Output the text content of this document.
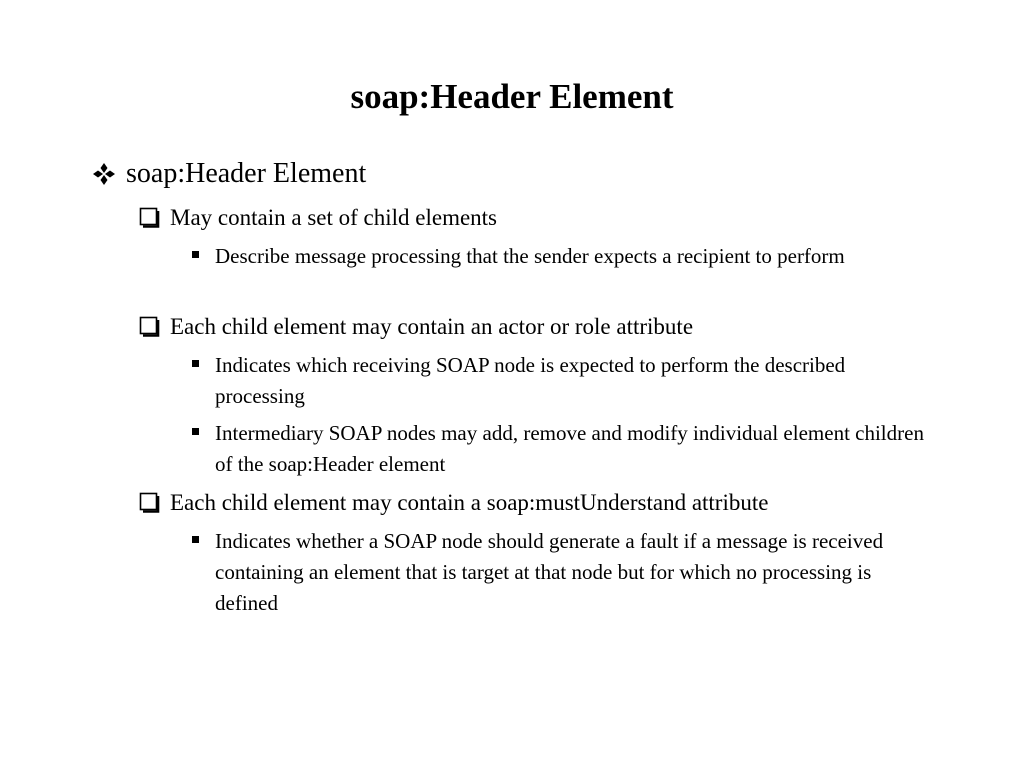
soap:Header Element
soap:Header Element
May contain a set of child elements
Describe message processing that the sender expects a recipient to perform
Each child element may contain an actor or role attribute
Indicates which receiving SOAP node is expected to perform the described processing
Intermediary SOAP nodes may add, remove and modify individual element children of the soap:Header element
Each child element may contain a soap:mustUnderstand attribute
Indicates whether a SOAP node should generate a fault if a message is received containing an element that is target at that node but for which no processing is defined
